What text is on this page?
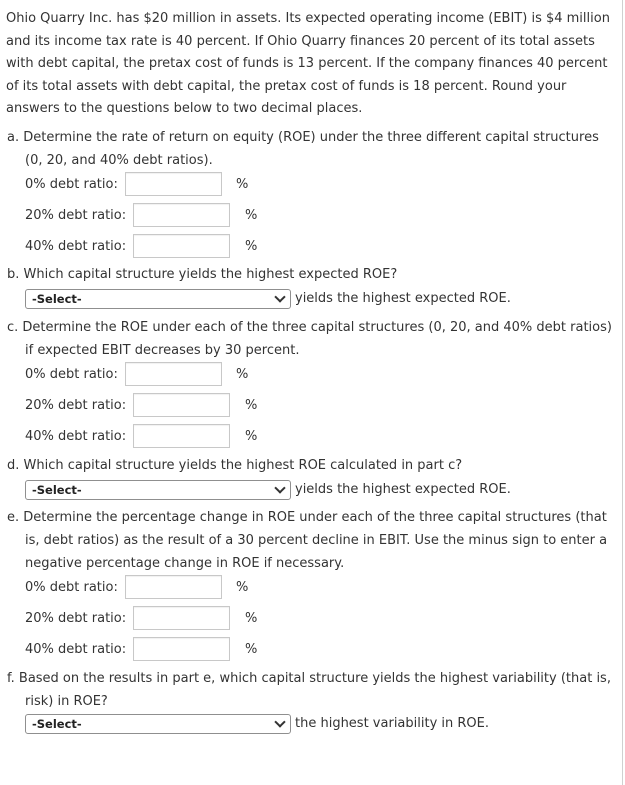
Ohio Quarry Inc. has $20 million in assets. Its expected operating income (EBIT) is $4 million and its income tax rate is 40 percent. If Ohio Quarry finances 20 percent of its total assets with debt capital, the pretax cost of funds is 13 percent. If the company finances 40 percent of its total assets with debt capital, the pretax cost of funds is 18 percent. Round your answers to the questions below to two decimal places.
a. Determine the rate of return on equity (ROE) under the three different capital structures
(0, 20, and 40% debt ratios).
0% debt ratio:	%
20% debt ratio:	%
40% debt ratio:	%
b. Which capital structure yields the highest expected ROE?
-Select-	yields the highest expected ROE.
c. Determine the ROE under each of the three capital structures (0, 20, and 40% debt ratios)
if expected EBIT decreases by 30 percent.
0% debt ratio:	%
20% debt ratio:	%
40% debt ratio:	%
d. Which capital structure yields the highest ROE calculated in part c?
-Select-	yields the highest expected ROE.
e. Determine the percentage change in ROE under each of the three capital structures (that
is, debt ratios) as the result of a 30 percent decline in EBIT. Use the minus sign to enter a
negative percentage change in ROE if necessary.
0% debt ratio:	%
20% debt ratio:	%
40% debt ratio:	%
f. Based on the results in part e, which capital structure yields the highest variability (that is,
risk) in ROE?
-Select-	the highest variability in ROE.
